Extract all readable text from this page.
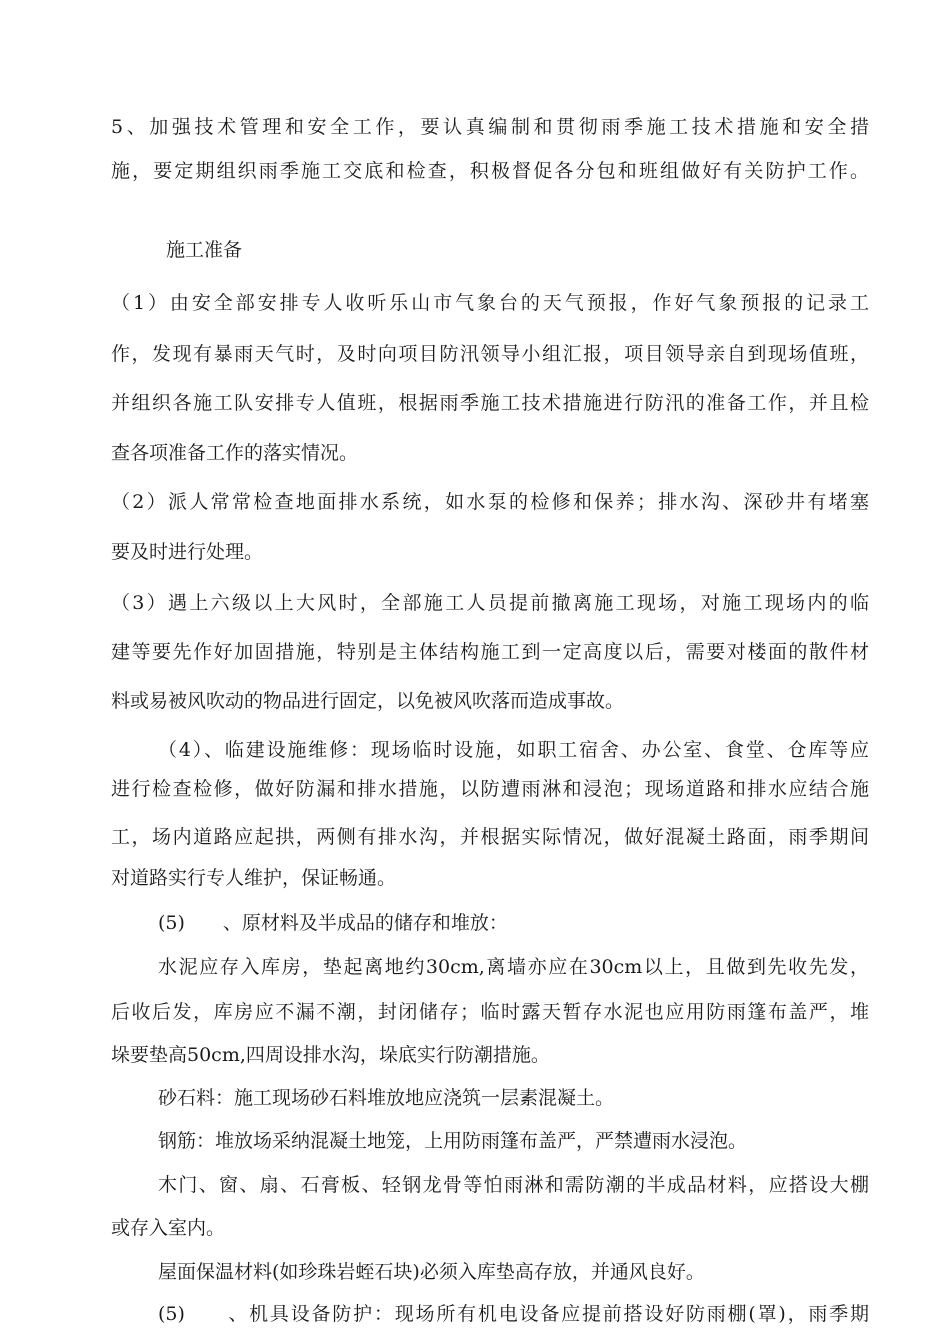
5、加强技术管理和安全工作，要认真编制和贯彻雨季施工技术措施和安全措
施，要定期组织雨季施工交底和检查，积极督促各分包和班组做好有关防护工作。
施工准备
（1）由安全部安排专人收听乐山市气象台的天气预报，作好气象预报的记录工
作，发现有暴雨天气时，及时向项目防汛领导小组汇报，项目领导亲自到现场值班，
并组织各施工队安排专人值班，根据雨季施工技术措施进行防汛的准备工作，并且检
查各项准备工作的落实情况。
（2）派人常常检查地面排水系统，如水泵的检修和保养；排水沟、深砂井有堵塞
要及时进行处理。
（3）遇上六级以上大风时，全部施工人员提前撤离施工现场，对施工现场内的临
建等要先作好加固措施，特别是主体结构施工到一定高度以后，需要对楼面的散件材
料或易被风吹动的物品进行固定，以免被风吹落而造成事故。
（4）、临建设施维修：现场临时设施，如职工宿舍、办公室、食堂、仓库等应
进行检查检修，做好防漏和排水措施，以防遭雨淋和浸泡；现场道路和排水应结合施
工，场内道路应起拱，两侧有排水沟，并根据实际情况，做好混凝土路面，雨季期间
对道路实行专人维护，保证畅通。
(5)　　、原材料及半成品的储存和堆放：
水泥应存入库房，垫起离地约30cm,离墙亦应在30cm以上，且做到先收先发，
后收后发，库房应不漏不潮，封闭储存；临时露天暂存水泥也应用防雨篷布盖严，堆
垛要垫高50cm,四周设排水沟，垛底实行防潮措施。
砂石料：施工现场砂石料堆放地应浇筑一层素混凝土。
钢筋：堆放场采纳混凝土地笼，上用防雨篷布盖严，严禁遭雨水浸泡。
木门、窗、扇、石膏板、轻钢龙骨等怕雨淋和需防潮的半成品材料，应搭设大棚
或存入室内。
屋面保温材料(如珍珠岩蛭石块)必须入库垫高存放，并通风良好。
(5)　　、机具设备防护：现场所有机电设备应提前搭设好防雨棚(罩)，雨季期
